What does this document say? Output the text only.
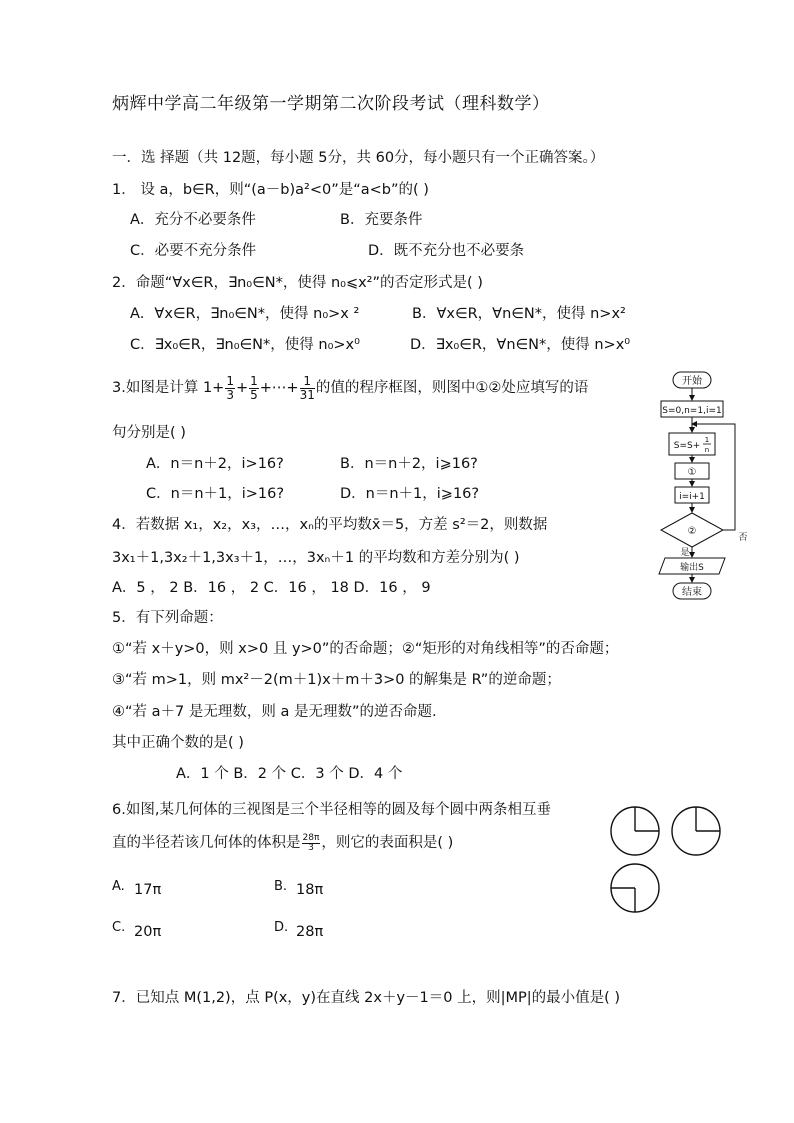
炳辉中学高二年级第一学期第二次阶段考试（理科数学）
一．选 择题（共 12题，每小题 5分，共 60分，每小题只有一个正确答案。）
1． 设 a，b∈R，则“(a－b)a²<0”是“a<b”的( )
A．充分不必要条件	B．充要条件
C．必要不充分条件	D．既不充分也不必要条
2．命题“∀x∈R，∃n₀∈N*，使得 n₀⩽x²”的否定形式是( )
A．∀x∈R，∃n₀∈N*，使得 n₀>x ²	B．∀x∈R，∀n∈N*，使得 n>x²
C．∃x₀∈R，∃n₀∈N*，使得 n₀>x⁰	D．∃x₀∈R，∀n∈N*，使得 n>x⁰
3.如图是计算 $1+ \frac{1}{3} + \frac{1}{5}$ +⋯+ $\frac{1}{31}$ 的值的程序框图，则图中①②处应填写的语
句分别是( )
A．n＝n＋2，i>16?	B．n＝n＋2，i⩾16?
C．n＝n＋1，i>16?	D．n＝n＋1，i⩾16?
开始
S=0,n=1,i=1
S=S+
1
n
①
i=i+1
②
是
否
输出S
结束
4．若数据 x₁，x₂，x₃，…，xₙ的平均数x̄＝5，方差 s²＝2，则数据
3x₁＋1,3x₂＋1,3x₃＋1，…，3xₙ＋1 的平均数和方差分别为( )
A．5 ， 2 B．16 ， 2 C．16 ， 18 D．16 ， 9
5．有下列命题：
①“若 x＋y>0，则 x>0 且 y>0”的否命题；②“矩形的对角线相等”的否命题；
③“若 m>1，则 mx²－2(m＋1)x＋m＋3>0 的解集是 R”的逆命题；
④“若 a＋7 是无理数，则 a 是无理数”的逆否命题.
其中正确个数的是( )
A．1 个 B．2 个 C．3 个 D．4 个
6.如图,某几何体的三视图是三个半径相等的圆及每个圆中两条相互垂
直的半径若该几何体的体积是 $\frac{28\pi}{3}$ ，则它的表面积是( )
A. 17π	B. 18π
C. 20π	D. 28π
7．已知点 M(1,2)，点 P(x，y)在直线 2x＋y－1＝0 上，则|MP|的最小值是( )
